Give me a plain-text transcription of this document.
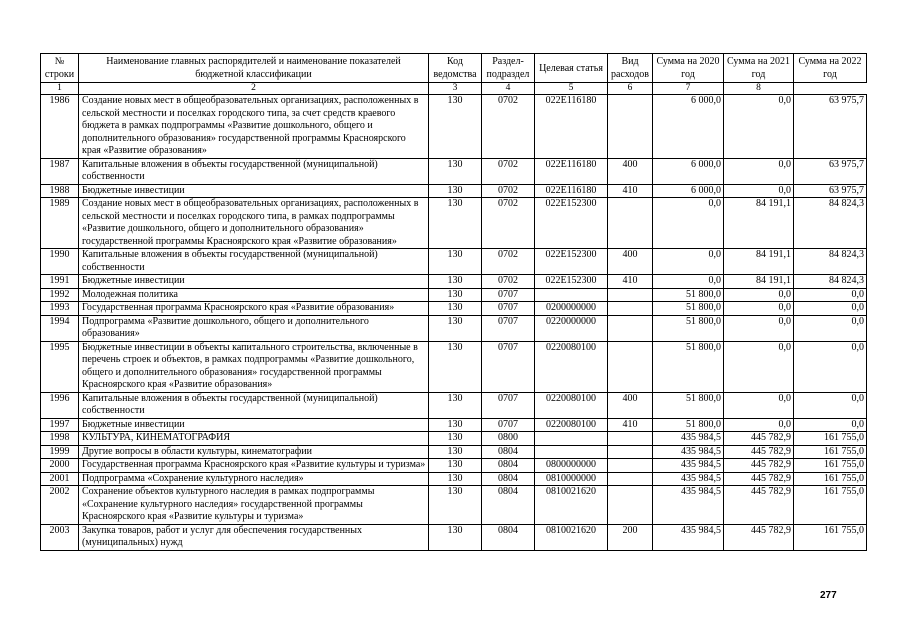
№ строки	Наименование главных распорядителей и наименование показателей бюджетной классификации	Код ведомства	Раздел-подраздел	Целевая статья	Вид расходов	Сумма на 2020 год	Сумма на 2021 год	Сумма на 2022 год
1	2	3	4	5	6	7	8	
1986	Создание новых мест в общеобразовательных организациях, расположенных в сельской местности и поселках городского типа, за счет средств краевого бюджета в рамках подпрограммы «Развитие дошкольного, общего и дополнительного образования» государственной программы Красноярского края «Развитие образования»	130	0702	022E116180		6 000,0	0,0	63 975,7
1987	Капитальные вложения в объекты государственной (муниципальной) собственности	130	0702	022E116180	400	6 000,0	0,0	63 975,7
1988	Бюджетные инвестиции	130	0702	022E116180	410	6 000,0	0,0	63 975,7
1989	Создание новых мест в общеобразовательных организациях, расположенных в сельской местности и поселках городского типа, в рамках подпрограммы «Развитие дошкольного, общего и дополнительного образования» государственной программы Красноярского края «Развитие образования»	130	0702	022E152300		0,0	84 191,1	84 824,3
1990	Капитальные вложения в объекты государственной (муниципальной) собственности	130	0702	022E152300	400	0,0	84 191,1	84 824,3
1991	Бюджетные инвестиции	130	0702	022E152300	410	0,0	84 191,1	84 824,3
1992	Молодежная политика	130	0707			51 800,0	0,0	0,0
1993	Государственная программа Красноярского края «Развитие образования»	130	0707	0200000000		51 800,0	0,0	0,0
1994	Подпрограмма «Развитие дошкольного, общего и дополнительного образования»	130	0707	0220000000		51 800,0	0,0	0,0
1995	Бюджетные инвестиции в объекты капитального строительства, включенные в перечень строек и объектов, в рамках подпрограммы «Развитие дошкольного, общего и дополнительного образования» государственной программы Красноярского края «Развитие образования»	130	0707	0220080100		51 800,0	0,0	0,0
1996	Капитальные вложения в объекты государственной (муниципальной) собственности	130	0707	0220080100	400	51 800,0	0,0	0,0
1997	Бюджетные инвестиции	130	0707	0220080100	410	51 800,0	0,0	0,0
1998	КУЛЬТУРА, КИНЕМАТОГРАФИЯ	130	0800			435 984,5	445 782,9	161 755,0
1999	Другие вопросы в области культуры, кинематографии	130	0804			435 984,5	445 782,9	161 755,0
2000	Государственная программа Красноярского края «Развитие культуры и туризма»	130	0804	0800000000		435 984,5	445 782,9	161 755,0
2001	Подпрограмма «Сохранение культурного наследия»	130	0804	0810000000		435 984,5	445 782,9	161 755,0
2002	Сохранение объектов культурного наследия в рамках подпрограммы «Сохранение культурного наследия» государственной программы Красноярского края «Развитие культуры и туризма»	130	0804	0810021620		435 984,5	445 782,9	161 755,0
2003	Закупка товаров, работ и услуг для обеспечения государственных (муниципальных) нужд	130	0804	0810021620	200	435 984,5	445 782,9	161 755,0
277
